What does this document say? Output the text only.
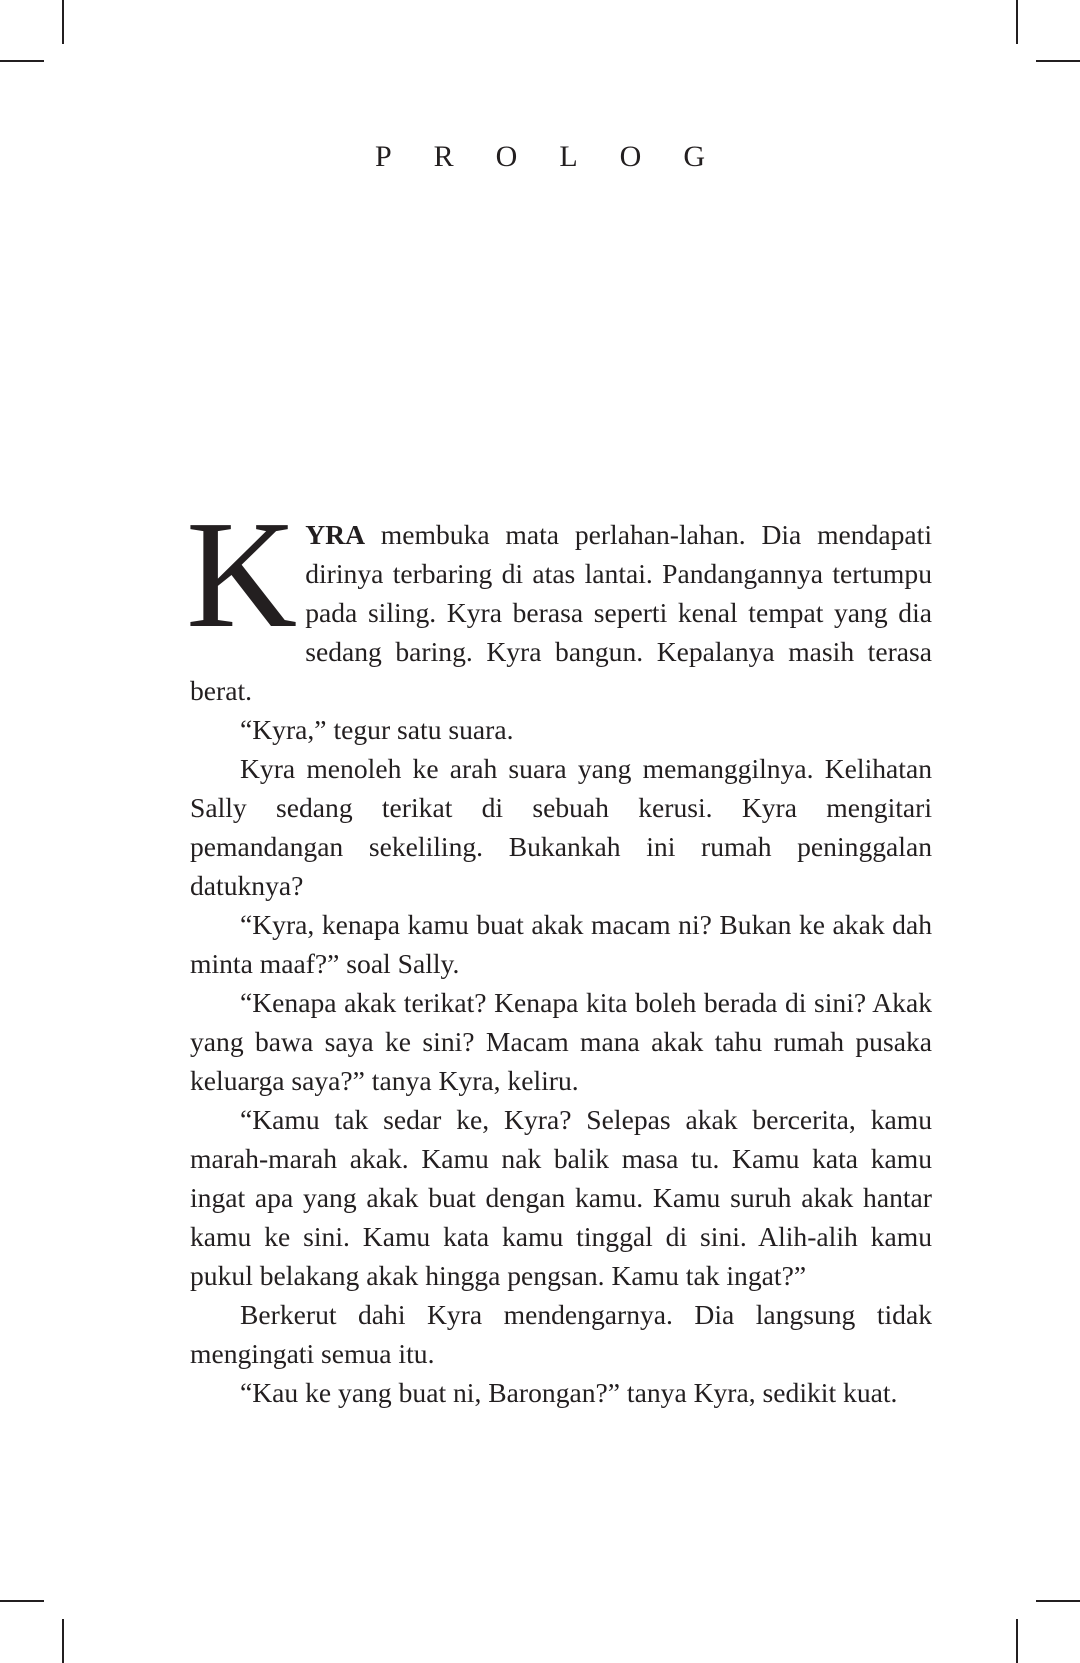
PROLOG

KYRA membuka mata perlahan-lahan. Dia mendapati dirinya terbaring di atas lantai. Pandangannya tertumpu pada siling. Kyra berasa seperti kenal tempat yang dia sedang baring. Kyra bangun. Kepalanya masih terasa berat.

“Kyra,” tegur satu suara.

Kyra menoleh ke arah suara yang memanggilnya. Kelihatan Sally sedang terikat di sebuah kerusi. Kyra mengitari pemandangan sekeliling. Bukankah ini rumah peninggalan datuknya?

“Kyra, kenapa kamu buat akak macam ni? Bukan ke akak dah minta maaf?” soal Sally.

“Kenapa akak terikat? Kenapa kita boleh berada di sini? Akak yang bawa saya ke sini? Macam mana akak tahu rumah pusaka keluarga saya?” tanya Kyra, keliru.

“Kamu tak sedar ke, Kyra? Selepas akak bercerita, kamu marah-marah akak. Kamu nak balik masa tu. Kamu kata kamu ingat apa yang akak buat dengan kamu. Kamu suruh akak hantar kamu ke sini. Kamu kata kamu tinggal di sini. Alih-alih kamu pukul belakang akak hingga pengsan. Kamu tak ingat?”

Berkerut dahi Kyra mendengarnya. Dia langsung tidak mengingati semua itu.

“Kau ke yang buat ni, Barongan?” tanya Kyra, sedikit kuat.
